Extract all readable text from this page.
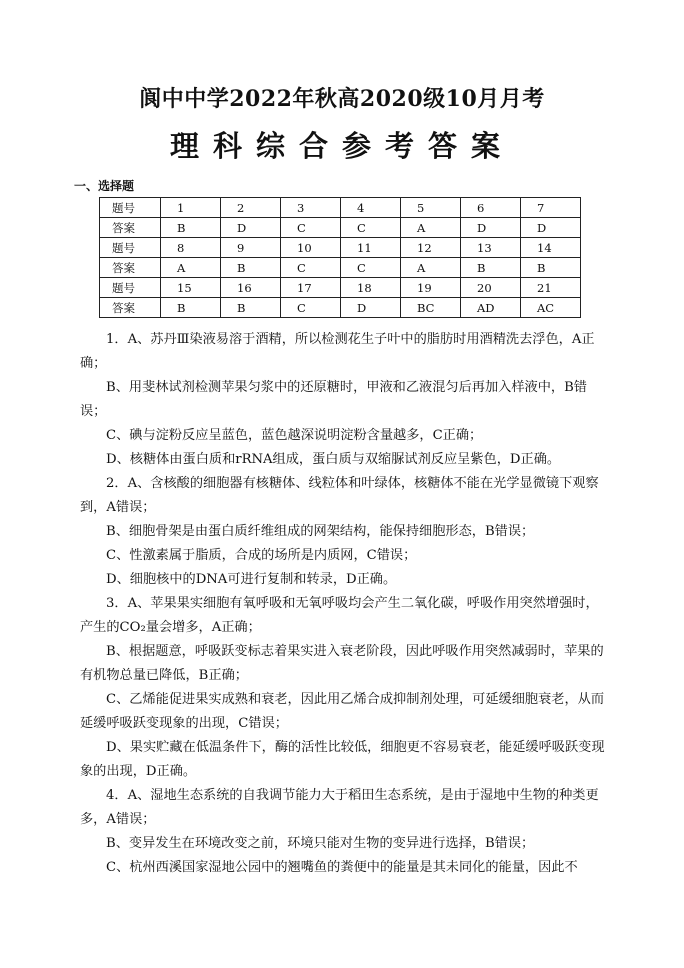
阆中中学2022年秋高2020级10月月考
理科综合参考答案
一、选择题
题号	1	2	3	4	5	6	7
答案	B	D	C	C	A	D	D
题号	8	9	10	11	12	13	14
答案	A	B	C	C	A	B	B
题号	15	16	17	18	19	20	21
答案	B	B	C	D	BC	AD	AC

1．A、苏丹Ⅲ染液易溶于酒精，所以检测花生子叶中的脂肪时用酒精洗去浮色，A正确；

B、用斐林试剂检测苹果匀浆中的还原糖时，甲液和乙液混匀后再加入样液中，B错误；

C、碘与淀粉反应呈蓝色，蓝色越深说明淀粉含量越多，C正确；

D、核糖体由蛋白质和rRNA组成，蛋白质与双缩脲试剂反应呈紫色，D正确。

2．A、含核酸的细胞器有核糖体、线粒体和叶绿体，核糖体不能在光学显微镜下观察到，A错误；

B、细胞骨架是由蛋白质纤维组成的网架结构，能保持细胞形态，B错误；

C、性激素属于脂质，合成的场所是内质网，C错误；

D、细胞核中的DNA可进行复制和转录，D正确。

3．A、苹果果实细胞有氧呼吸和无氧呼吸均会产生二氧化碳，呼吸作用突然增强时，产生的CO₂量会增多，A正确；

B、根据题意，呼吸跃变标志着果实进入衰老阶段，因此呼吸作用突然减弱时，苹果的有机物总量已降低，B正确；

C、乙烯能促进果实成熟和衰老，因此用乙烯合成抑制剂处理，可延缓细胞衰老，从而延缓呼吸跃变现象的出现，C错误；

D、果实贮藏在低温条件下，酶的活性比较低，细胞更不容易衰老，能延缓呼吸跃变现象的出现，D正确。

4．A、湿地生态系统的自我调节能力大于稻田生态系统，是由于湿地中生物的种类更多，A错误；

B、变异发生在环境改变之前，环境只能对生物的变异进行选择，B错误；

C、杭州西溪国家湿地公园中的翘嘴鱼的粪便中的能量是其未同化的能量，因此不
